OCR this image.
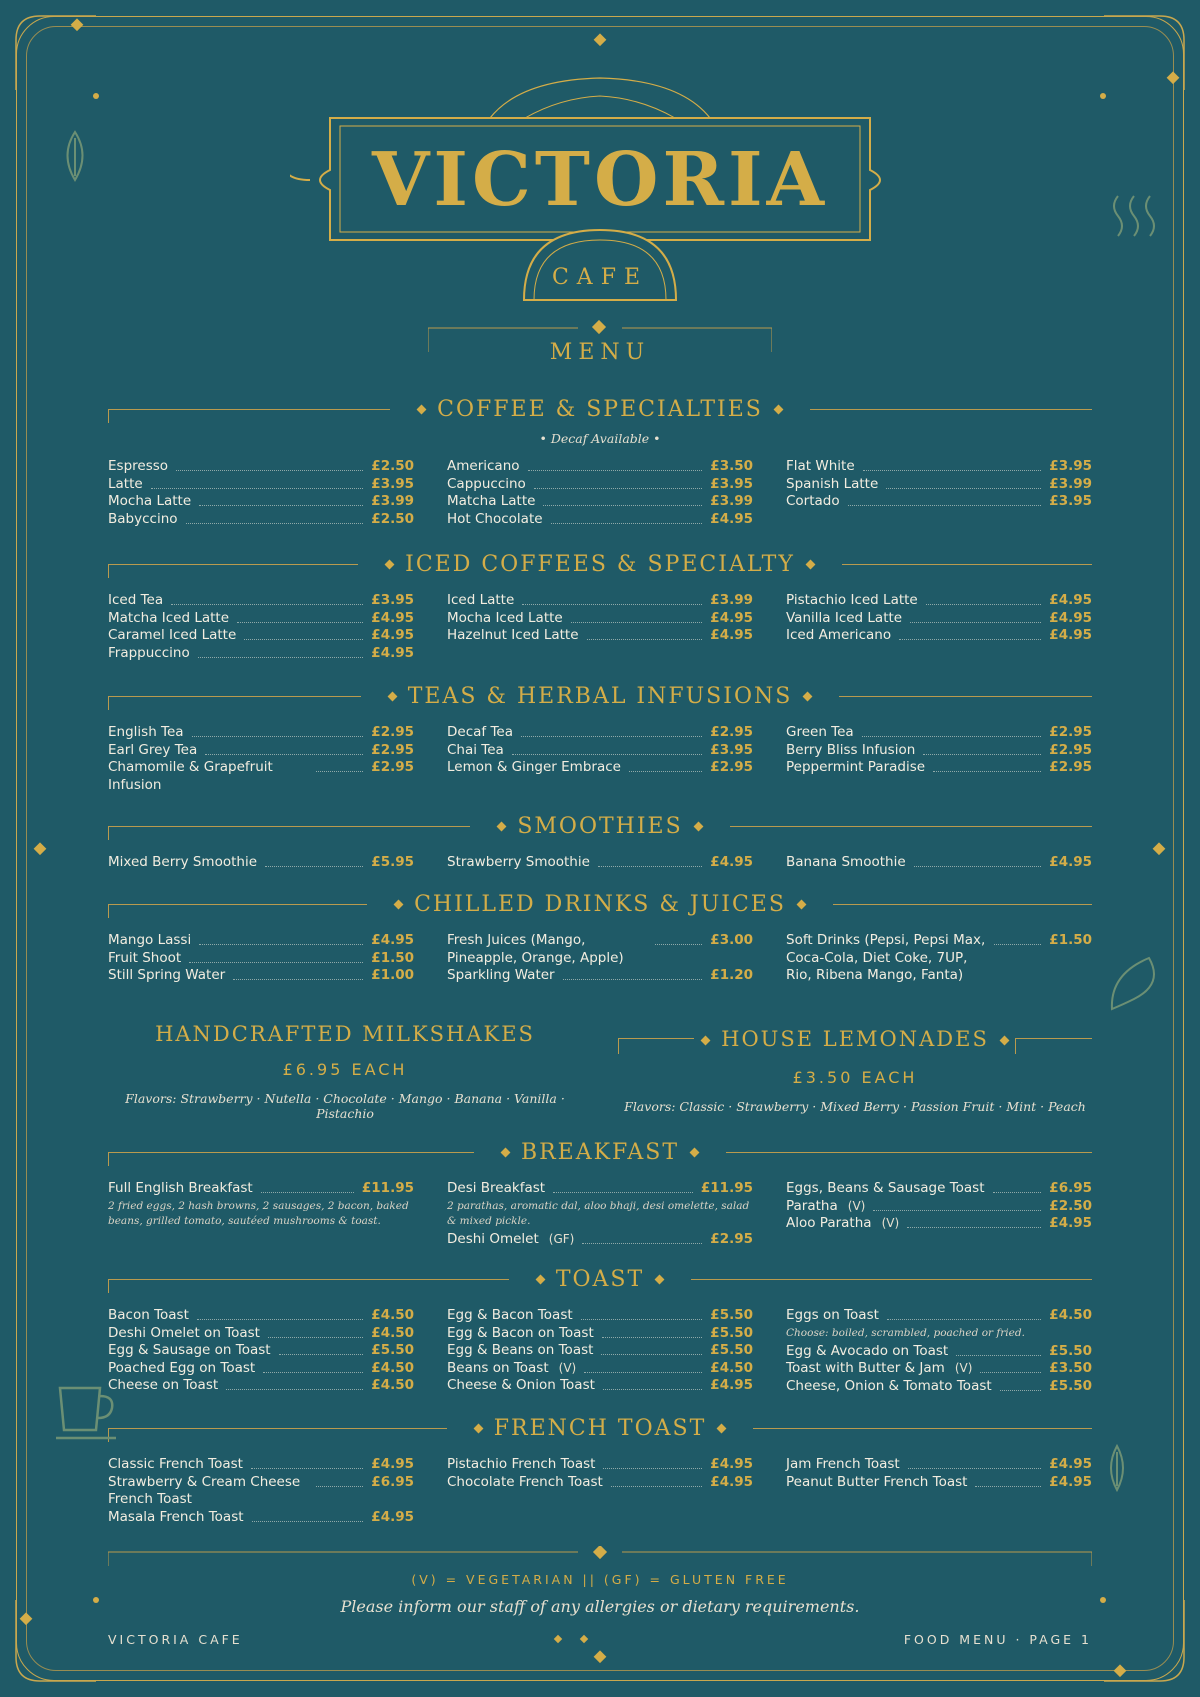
VICTORIA
CAFE
MENU
COFFEE & SPECIALTIES
• Decaf Available •
Espresso	£2.50
Latte	£3.95
Mocha Latte	£3.99
Babyccino	£2.50
Americano	£3.50
Cappuccino	£3.95
Matcha Latte	£3.99
Hot Chocolate	£4.95
Flat White	£3.95
Spanish Latte	£3.99
Cortado	£3.95
ICED COFFEES & SPECIALTY
Iced Tea	£3.95
Matcha Iced Latte	£4.95
Caramel Iced Latte	£4.95
Frappuccino	£4.95
Iced Latte	£3.99
Mocha Iced Latte	£4.95
Hazelnut Iced Latte	£4.95
Pistachio Iced Latte	£4.95
Vanilla Iced Latte	£4.95
Iced Americano	£4.95
TEAS & HERBAL INFUSIONS
English Tea	£2.95
Earl Grey Tea	£2.95
Chamomile & Grapefruit Infusion
£2.95
Decaf Tea	£2.95
Chai Tea	£3.95
Lemon & Ginger Embrace	£2.95
Green Tea	£2.95
Berry Bliss Infusion	£2.95
Peppermint Paradise	£2.95
SMOOTHIES
Mixed Berry Smoothie	£5.95 Strawberry Smoothie	£4.95 Banana Smoothie	£4.95
CHILLED DRINKS & JUICES
Mango Lassi	£4.95
Fruit Shoot	£1.50
Still Spring Water	£1.00
Fresh Juices (Mango, Pineapple, Orange, Apple)
£3.00
Sparkling Water	£1.20
Soft Drinks (Pepsi, Pepsi Max, Coca-Cola, Diet Coke, 7UP, Rio, Ribena Mango, Fanta)
£1.50
HANDCRAFTED MILKSHAKES
£6.95 EACH
Flavors: Strawberry · Nutella · Chocolate · Mango · Banana · Vanilla · Pistachio
HOUSE LEMONADES
£3.50 EACH
Flavors: Classic · Strawberry · Mixed Berry · Passion Fruit · Mint · Peach
BREAKFAST
Full English Breakfast	£11.95
2 fried eggs, 2 hash browns, 2 sausages, 2 bacon, baked beans, grilled tomato, sautéed mushrooms & toast.
Desi Breakfast	£11.95
2 parathas, aromatic dal, aloo bhaji, desi omelette, salad & mixed pickle.
Deshi Omelet (GF)	£2.95
Eggs, Beans & Sausage Toast	£6.95
Paratha (V)	£2.50
Aloo Paratha (V)	£4.95
TOAST
Bacon Toast	£4.50
Deshi Omelet on Toast	£4.50
Egg & Sausage on Toast	£5.50
Poached Egg on Toast	£4.50
Cheese on Toast	£4.50
Egg & Bacon Toast	£5.50
Egg & Bacon on Toast	£5.50
Egg & Beans on Toast	£5.50
Beans on Toast (V)	£4.50
Cheese & Onion Toast	£4.95
Eggs on Toast	£4.50
Choose: boiled, scrambled, poached or fried.
Egg & Avocado on Toast	£5.50
Toast with Butter & Jam (V)	£3.50
Cheese, Onion & Tomato Toast	£5.50
FRENCH TOAST
Classic French Toast	£4.95
Strawberry & Cream Cheese French Toast
£6.95
Masala French Toast	£4.95
Pistachio French Toast	£4.95
Chocolate French Toast	£4.95
Jam French Toast	£4.95
Peanut Butter French Toast	£4.95
(V) = VEGETARIAN || (GF) = GLUTEN FREE
Please inform our staff of any allergies or dietary requirements.
VICTORIA CAFE	FOOD MENU · PAGE 1
